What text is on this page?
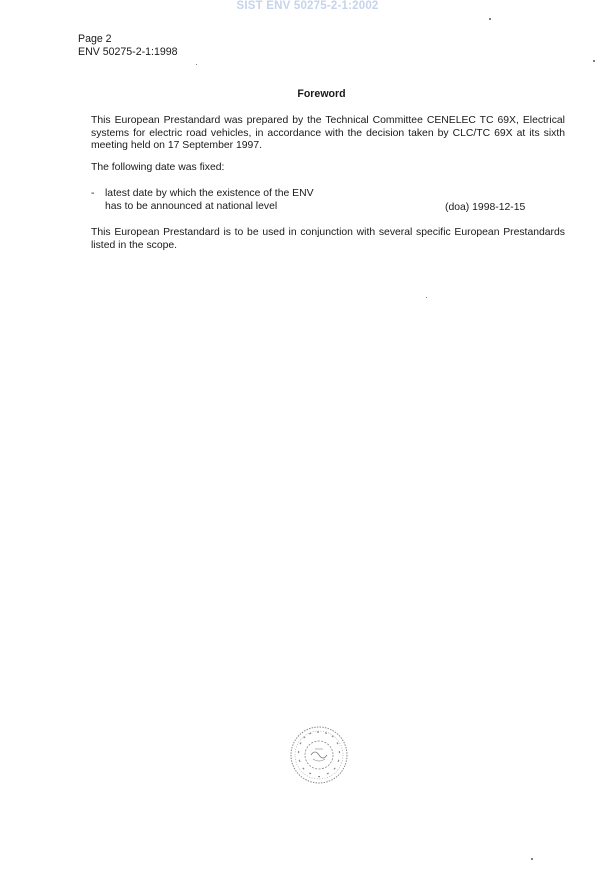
SIST ENV 50275-2-1:2002
Page 2
ENV 50275-2-1:1998
Foreword
This European Prestandard was prepared by the Technical Committee CENELEC TC 69X, Electrical systems for electric road vehicles, in accordance with the decision taken by CLC/TC 69X at its sixth meeting held on 17 September 1997.
The following date was fixed:
- latest date by which the existence of the ENV
has to be announced at national level	(doa) 1998-12-15
This European Prestandard is to be used in conjunction with several specific European Prestandards listed in the scope.
